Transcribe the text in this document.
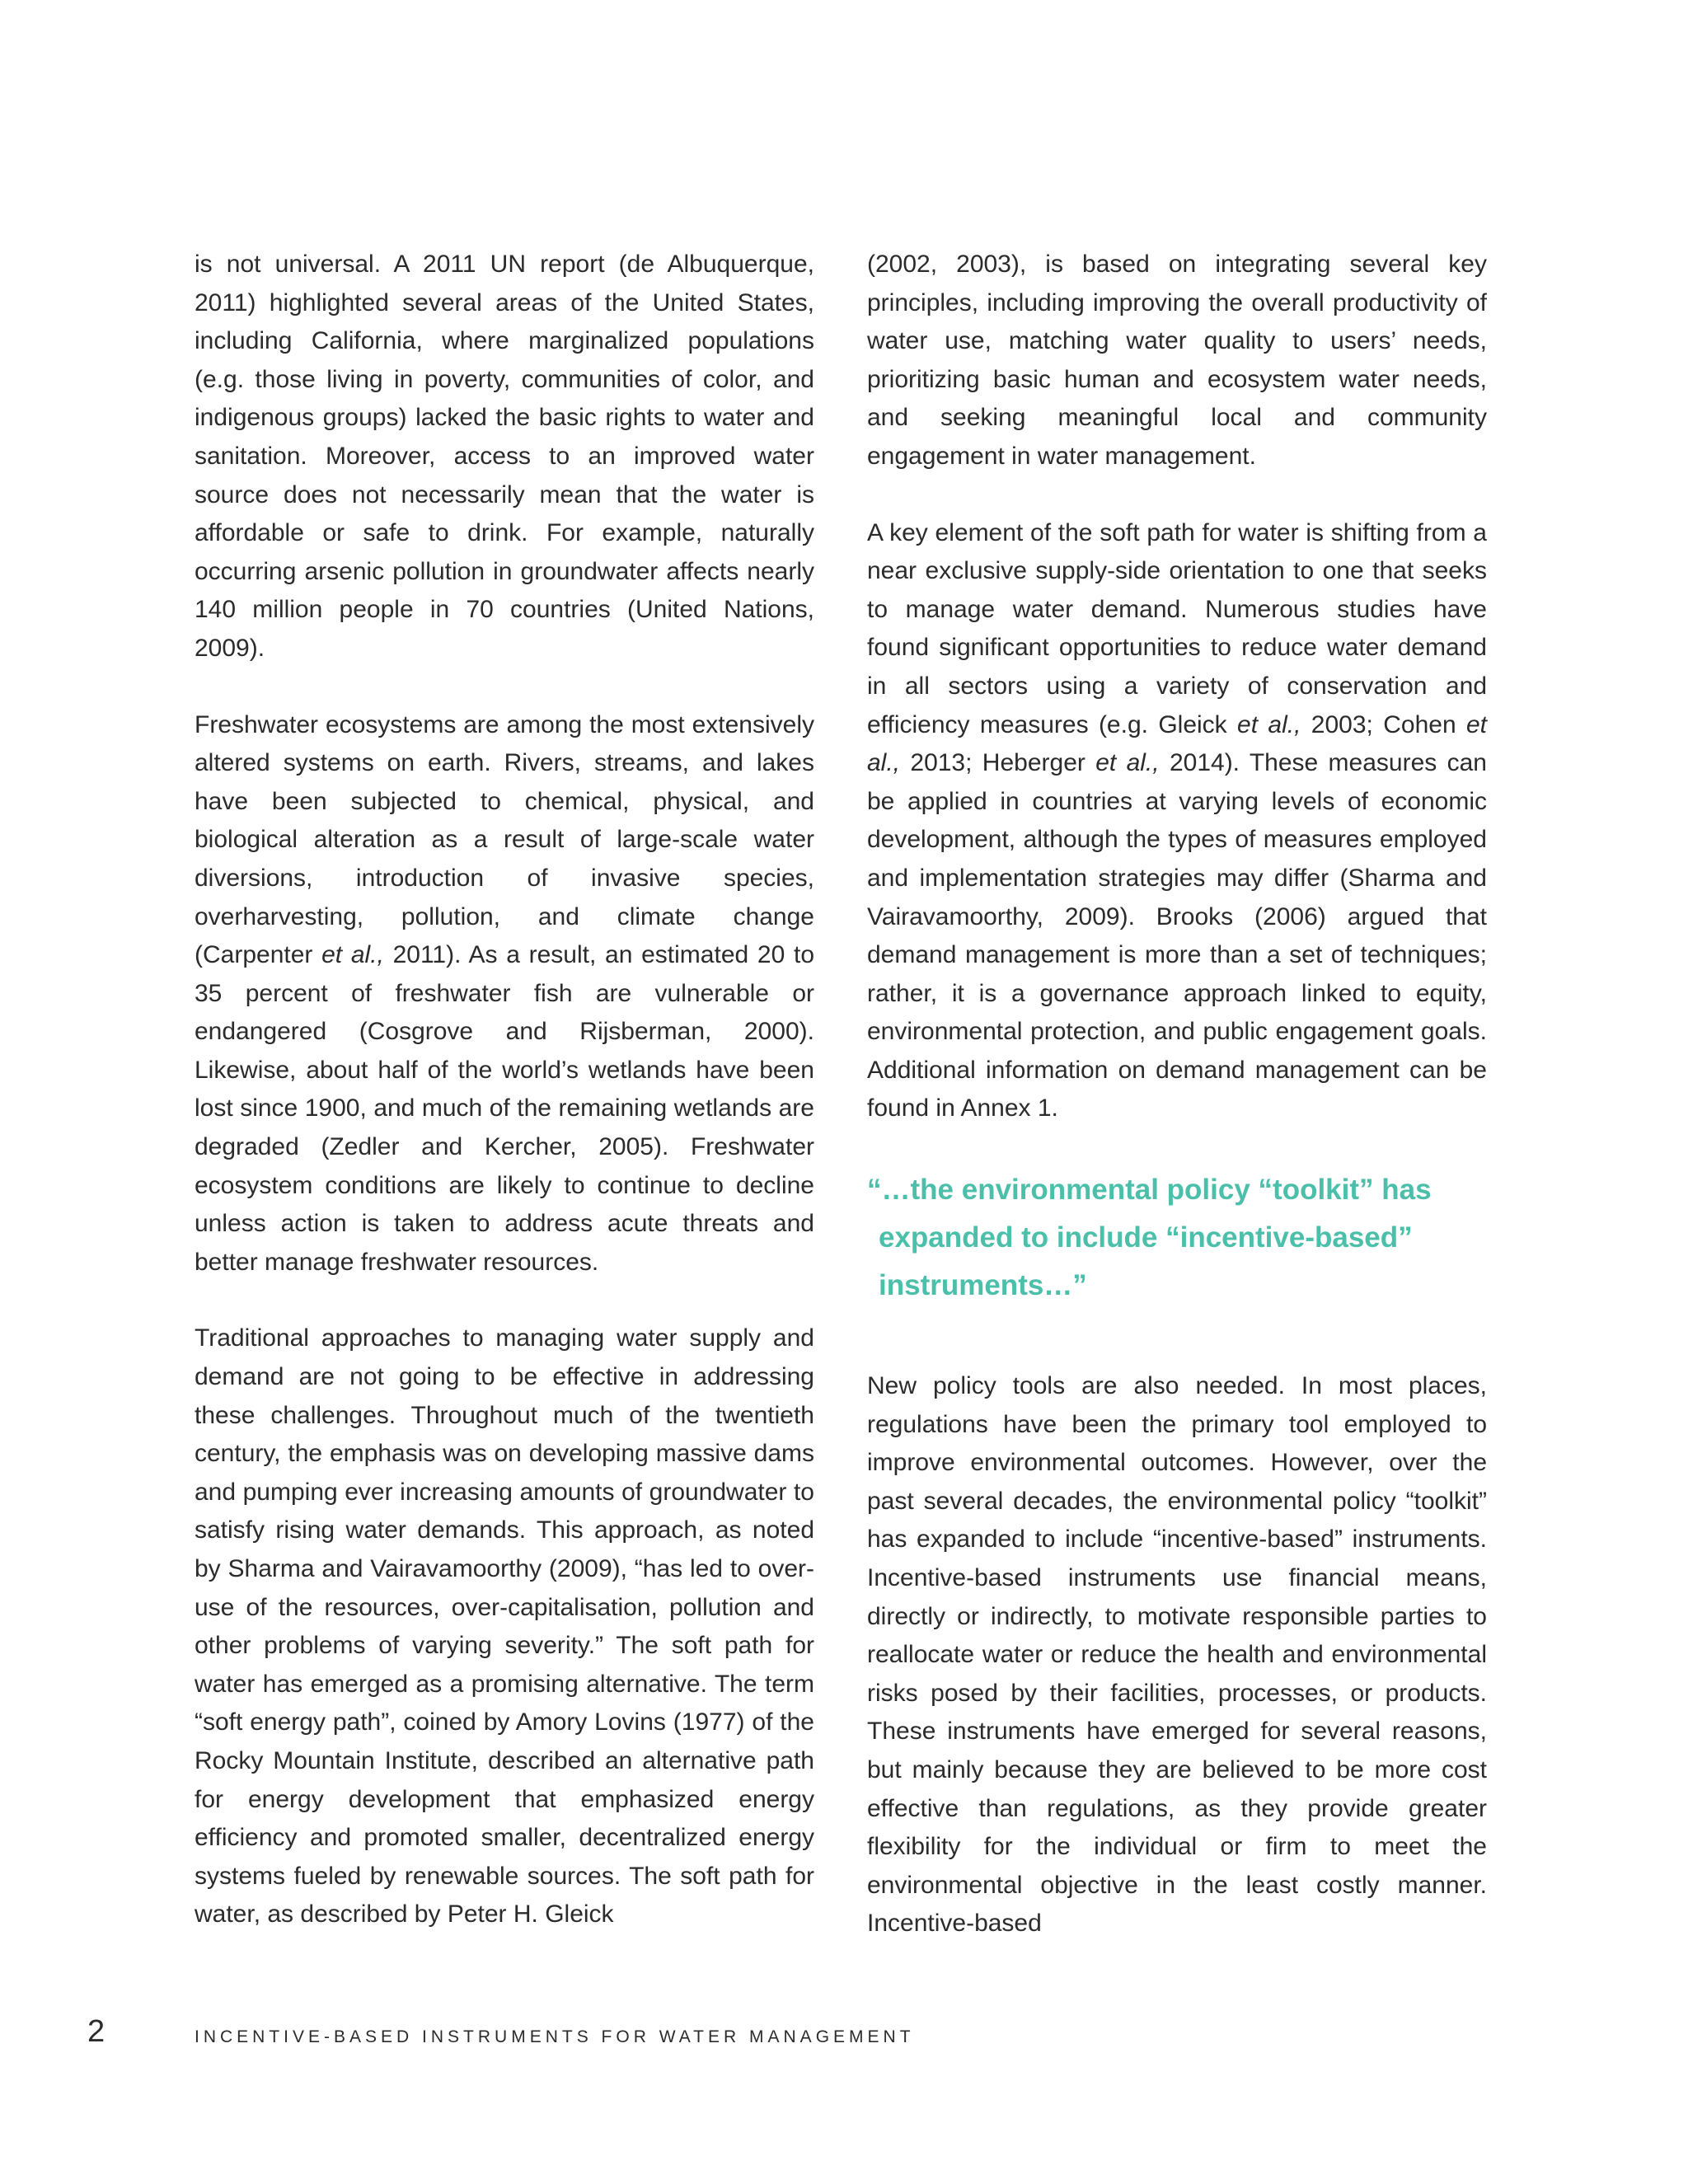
is not universal. A 2011 UN report (de Albuquerque, 2011) highlighted several areas of the United States, including California, where marginalized populations (e.g. those living in poverty, communities of color, and indigenous groups) lacked the basic rights to water and sanitation. Moreover, access to an improved water source does not necessarily mean that the water is affordable or safe to drink. For example, naturally occurring arsenic pollution in groundwater affects nearly 140 million people in 70 countries (United Nations, 2009).

Freshwater ecosystems are among the most extensively altered systems on earth. Rivers, streams, and lakes have been subjected to chemical, physical, and biological alteration as a result of large-scale water diversions, introduction of invasive species, overharvesting, pollution, and climate change (Carpenter et al., 2011). As a result, an estimated 20 to 35 percent of freshwater fish are vulnerable or endangered (Cosgrove and Rijsberman, 2000). Likewise, about half of the world’s wetlands have been lost since 1900, and much of the remaining wetlands are degraded (Zedler and Kercher, 2005). Freshwater ecosystem conditions are likely to continue to decline unless action is taken to address acute threats and better manage freshwater resources.

Traditional approaches to managing water supply and demand are not going to be effective in addressing these challenges. Throughout much of the twentieth century, the emphasis was on developing massive dams and pumping ever increasing amounts of groundwater to satisfy rising water demands. This approach, as noted by Sharma and Vairavamoorthy (2009), “has led to over-use of the resources, over-capitalisation, pollution and other problems of varying severity.” The soft path for water has emerged as a promising alternative. The term “soft energy path”, coined by Amory Lovins (1977) of the Rocky Mountain Institute, described an alternative path for energy development that emphasized energy efficiency and promoted smaller, decentralized energy systems fueled by renewable sources. The soft path for water, as described by Peter H. Gleick

(2002, 2003), is based on integrating several key principles, including improving the overall productivity of water use, matching water quality to users’ needs, prioritizing basic human and ecosystem water needs, and seeking meaningful local and community engagement in water management.

A key element of the soft path for water is shifting from a near exclusive supply-side orientation to one that seeks to manage water demand. Numerous studies have found significant opportunities to reduce water demand in all sectors using a variety of conservation and efficiency measures (e.g. Gleick et al., 2003; Cohen et al., 2013; Heberger et al., 2014). These measures can be applied in countries at varying levels of economic development, although the types of measures employed and implementation strategies may differ (Sharma and Vairavamoorthy, 2009). Brooks (2006) argued that demand management is more than a set of techniques; rather, it is a governance approach linked to equity, environmental protection, and public engagement goals. Additional information on demand management can be found in Annex 1.

“…the environmental policy “toolkit” has
expanded to include “incentive-based”
instruments…”

New policy tools are also needed. In most places, regulations have been the primary tool employed to improve environmental outcomes. However, over the past several decades, the environmental policy “toolkit” has expanded to include “incentive-based” instruments. Incentive-based instruments use financial means, directly or indirectly, to motivate responsible parties to reallocate water or reduce the health and environmental risks posed by their facilities, processes, or products. These instruments have emerged for several reasons, but mainly because they are believed to be more cost effective than regulations, as they provide greater flexibility for the individual or firm to meet the environmental objective in the least costly manner. Incentive-based

2	INCENTIVE-BASED INSTRUMENTS FOR WATER MANAGEMENT
